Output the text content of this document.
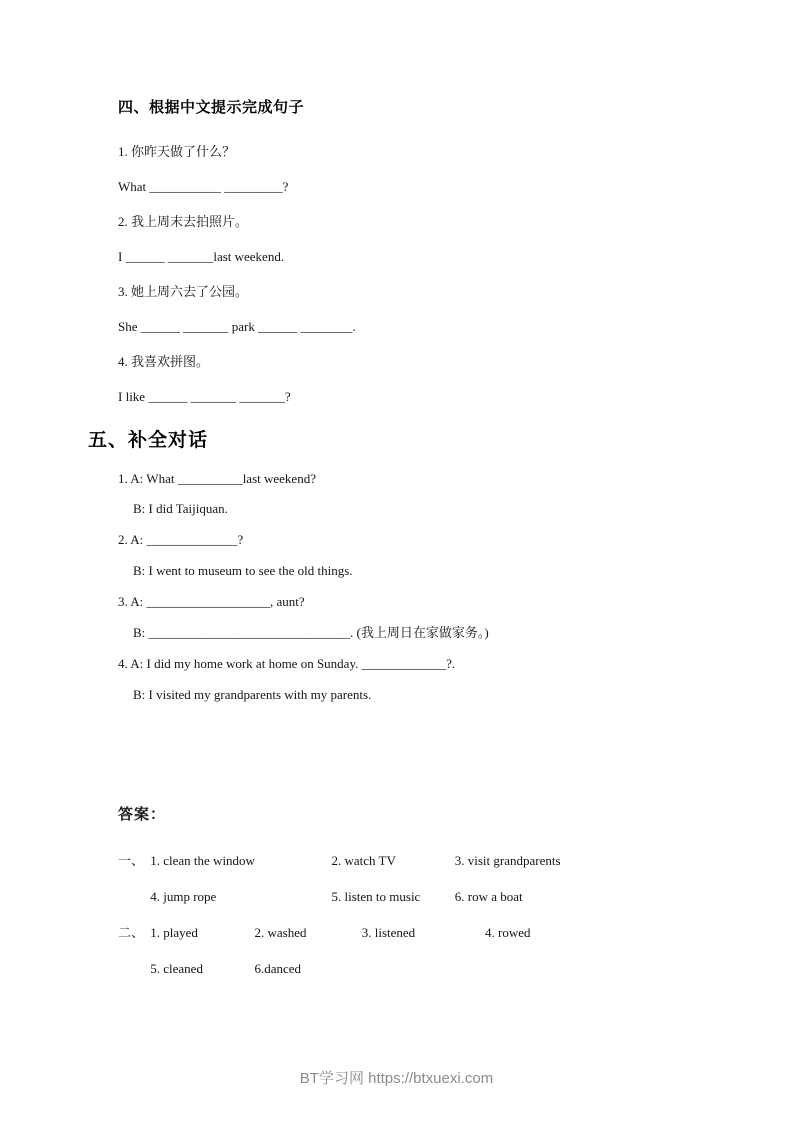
四、根据中文提示完成句子

1. 你昨天做了什么？

What ___________ _________?

2. 我上周末去拍照片。

I ______ _______last weekend.

3. 她上周六去了公园。

She ______ _______ park ______ ________.

4. 我喜欢拼图。

I like ______ _______ _______?

五、补全对话

1. A: What __________last weekend?

B: I did Taijiquan.

2. A: ______________?

B: I went to museum to see the old things.

3. A: ___________________, aunt?

B: _______________________________. (我上周日在家做家务。)

4. A: I did my home work at home on Sunday. _____________?.

B: I visited my grandparents with my parents.

答案：
一、 1. clean the window	2. watch TV	3. visit grandparents
4. jump rope	5. listen to music	6. row a boat
二、 1. played	2. washed	3. listened	4. rowed
5. cleaned	6.danced
BT学习网 https://btxuexi.com
